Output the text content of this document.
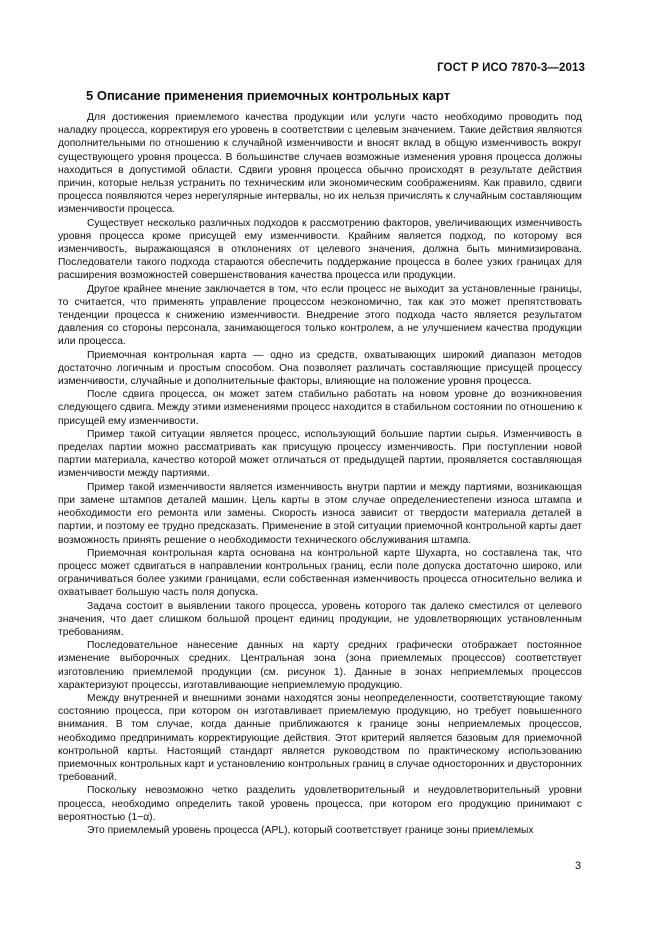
ГОСТ Р ИСО 7870-3—2013
5 Описание применения приемочных контрольных карт

Для достижения приемлемого качества продукции или услуги часто необходимо проводить под наладку процесса, корректируя его уровень в соответствии с целевым значением. Такие действия являются дополнительными по отношению к случайной изменчивости и вносят вклад в общую изменчивость вокруг существующего уровня процесса. В большинстве случаев возможные изменения уровня процесса должны находиться в допустимой области. Сдвиги уровня процесса обычно происходят в результате действия причин, которые нельзя устранить по техническим или экономическим соображениям. Как правило, сдвиги процесса появляются через нерегулярные интервалы, но их нельзя причислять к случайным составляющим изменчивости процесса.

Существует несколько различных подходов к рассмотрению факторов, увеличивающих изменчивость уровня процесса кроме присущей ему изменчивости. Крайним является подход, по которому вся изменчивость, выражающаяся в отклонениях от целевого значения, должна быть минимизирована. Последователи такого подхода стараются обеспечить поддержание процесса в более узких границах для расширения возможностей совершенствования качества процесса или продукции.

Другое крайнее мнение заключается в том, что если процесс не выходит за установленные границы, то считается, что применять управление процессом неэкономично, так как это может препятствовать тенденции процесса к снижению изменчивости. Внедрение этого подхода часто является результатом давления со стороны персонала, занимающегося только контролем, а не улучшением качества продукции или процесса.

Приемочная контрольная карта — одно из средств, охватывающих широкий диапазон методов достаточно логичным и простым способом. Она позволяет различать составляющие присущей процессу изменчивости, случайные и дополнительные факторы, влияющие на положение уровня процесса.

После сдвига процесса, он может затем стабильно работать на новом уровне до возникновения следующего сдвига. Между этими изменениями процесс находится в стабильном состоянии по отношению к присущей ему изменчивости.

Пример такой ситуации является процесс, использующий большие партии сырья. Изменчивость в пределах партии можно рассматривать как присущую процессу изменчивость. При поступлении новой партии материала, качество которой может отличаться от предыдущей партии, проявляется составляющая изменчивости между партиями.

Пример такой изменчивости является изменчивость внутри партии и между партиями, возникающая при замене штампов деталей машин. Цель карты в этом случае определениестепени износа штампа и необходимости его ремонта или замены. Скорость износа зависит от твердости материала деталей в партии, и поэтому ее трудно предсказать. Применение в этой ситуации приемочной контрольной карты дает возможность принять решение о необходимости технического обслуживания штампа.

Приемочная контрольная карта основана на контрольной карте Шухарта, но составлена так, что процесс может сдвигаться в направлении контрольных границ, если поле допуска достаточно широко, или ограничиваться более узкими границами, если собственная изменчивость процесса относительно велика и охватывает большую часть поля допуска.

Задача состоит в выявлении такого процесса, уровень которого так далеко сместился от целевого значения, что дает слишком большой процент единиц продукции, не удовлетворяющих установленным требованиям.

Последовательное нанесение данных на карту средних графически отображает постоянное изменение выборочных средних. Центральная зона (зона приемлемых процессов) соответствует изготовлению приемлемой продукции (см. рисунок 1). Данные в зонах неприемлемых процессов характеризуют процессы, изготавливающие неприемлемую продукцию.

Между внутренней и внешними зонами находятся зоны неопределенности, соответствующие такому состоянию процесса, при котором он изготавливает приемлемую продукцию, но требует повышенного внимания. В том случае, когда данные приближаются к границе зоны неприемлемых процессов, необходимо предпринимать корректирующие действия. Этот критерий является базовым для приемочной контрольной карты. Настоящий стандарт является руководством по практическому использованию приемочных контрольных карт и установлению контрольных границ в случае односторонних и двусторонних требований.

Поскольку невозможно четко разделить удовлетворительный и неудовлетворительный уровни процесса, необходимо определить такой уровень процесса, при котором его продукцию принимают с вероятностью (1−α).

Это приемлемый уровень процесса (APL), который соответствует границе зоны приемлемых

3
